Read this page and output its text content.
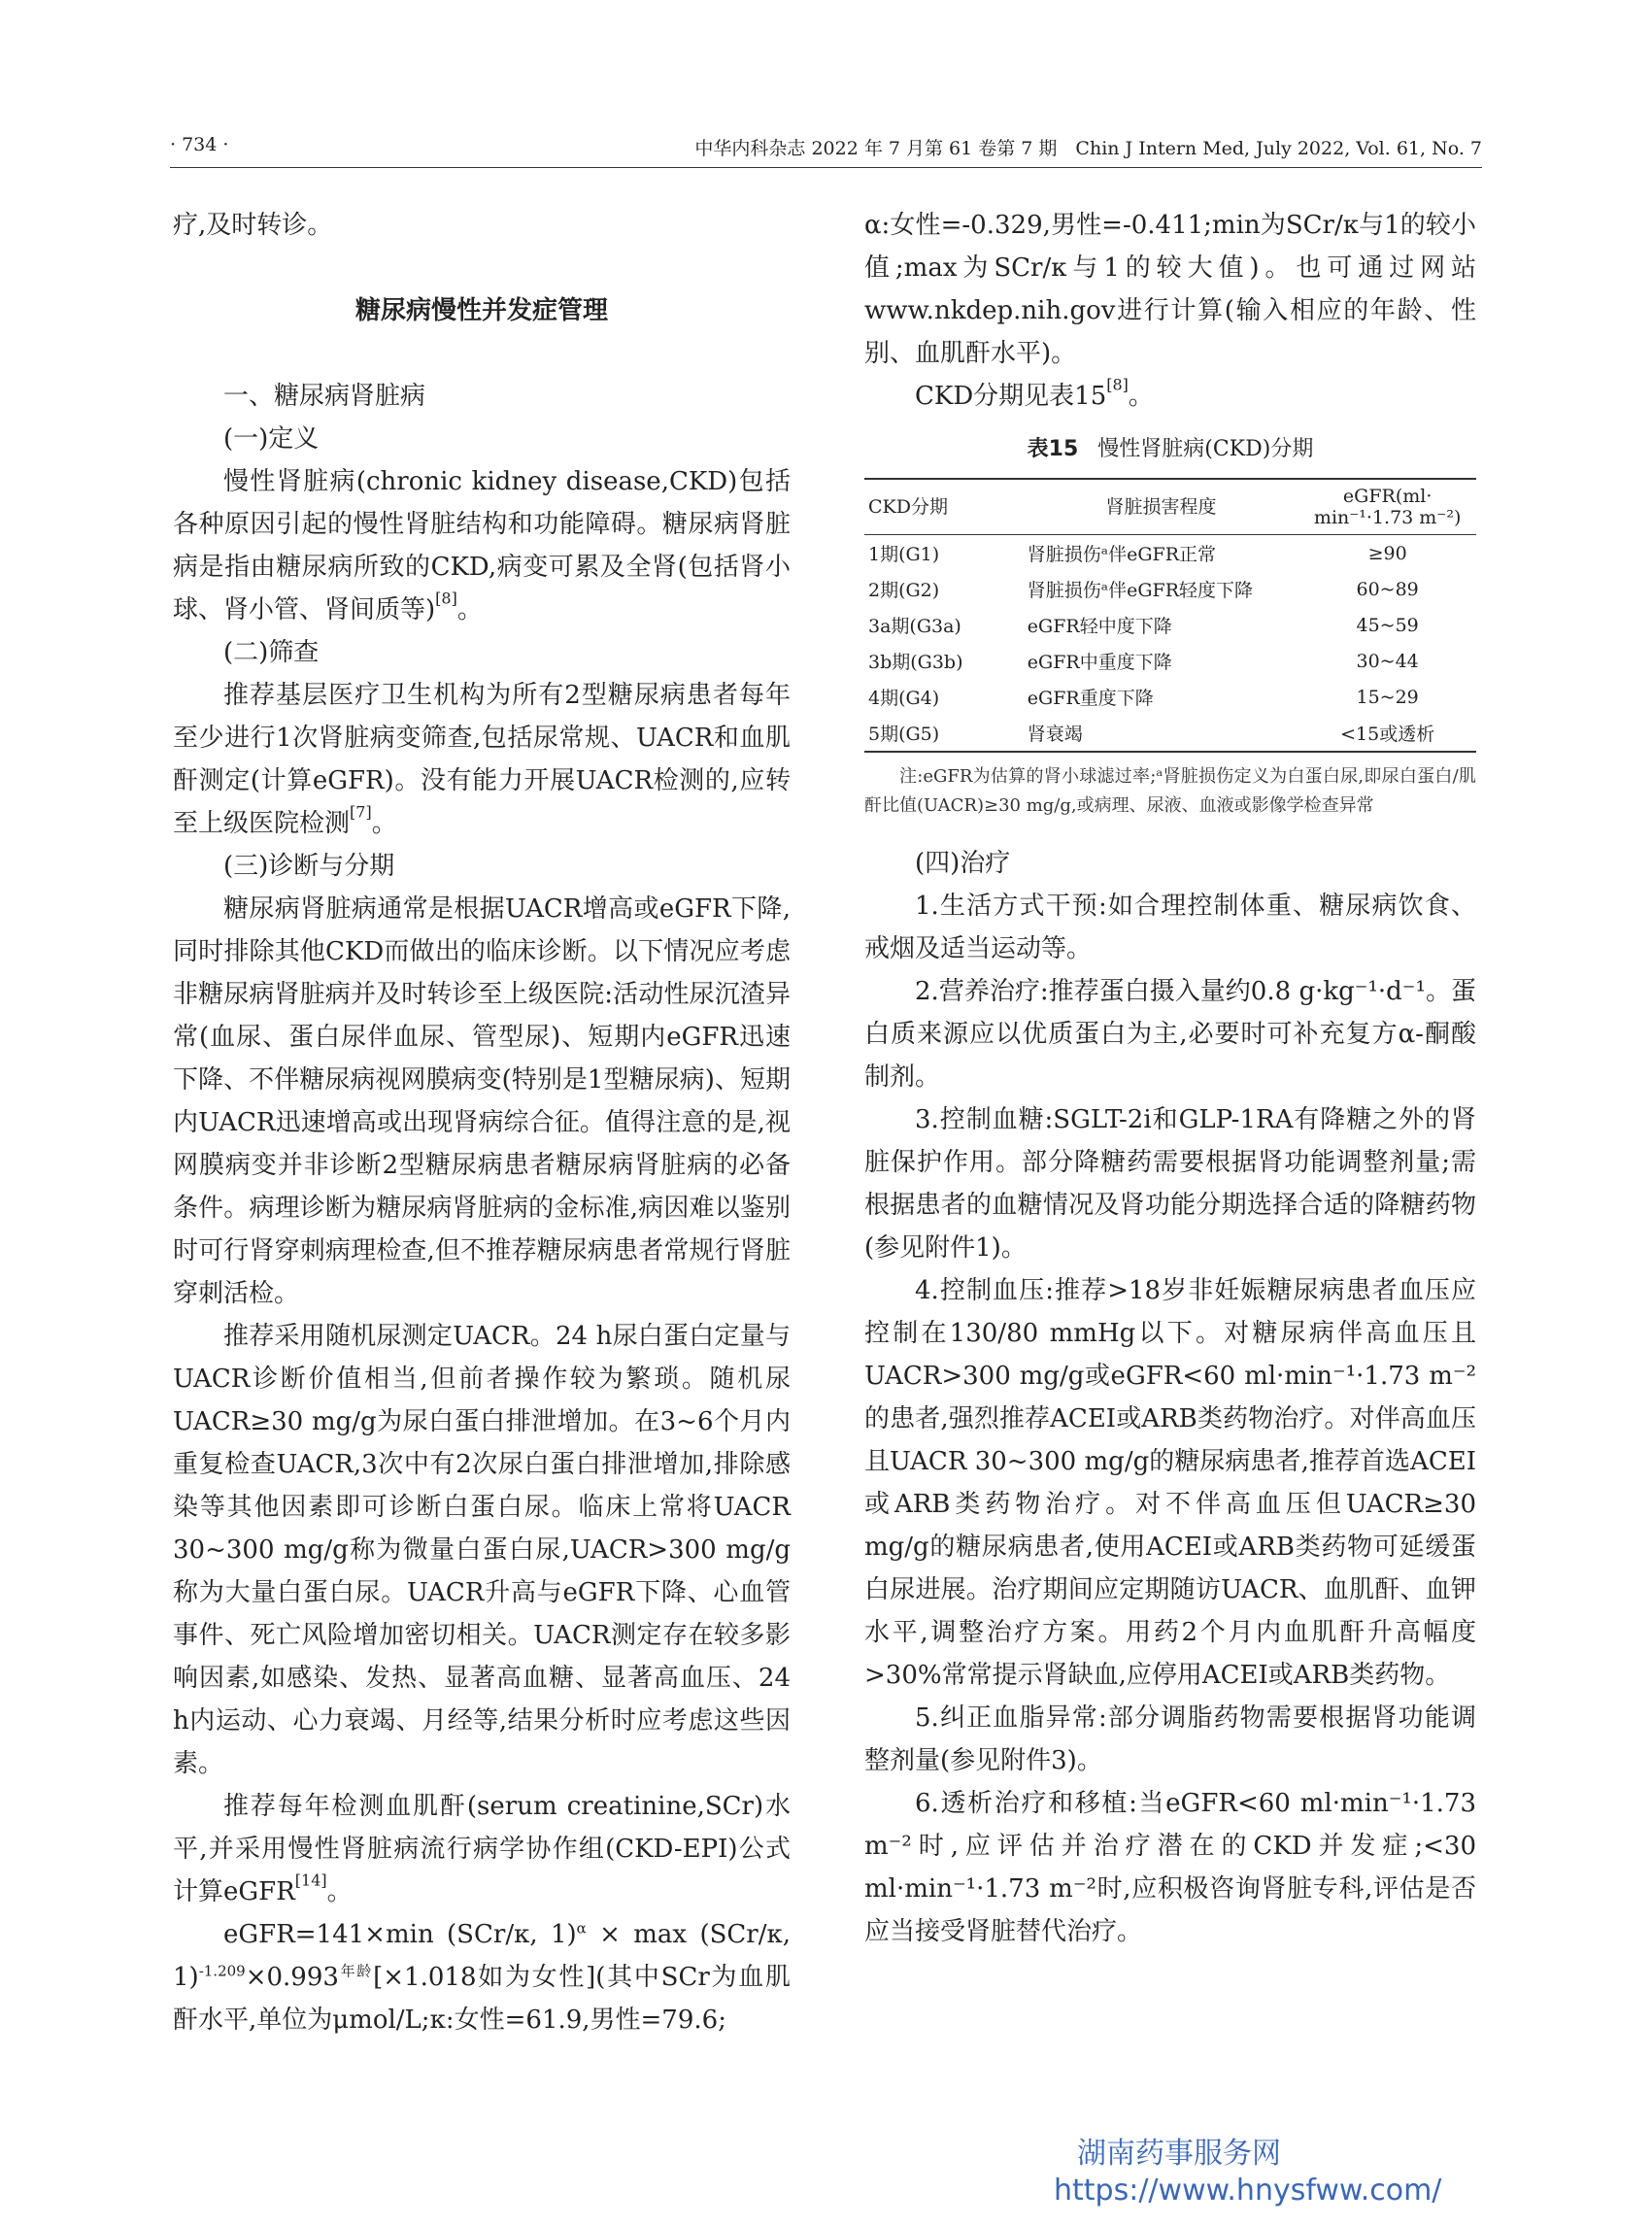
· 734 ·	中华内科杂志 2022 年 7 月第 61 卷第 7 期　Chin J Intern Med, July 2022, Vol. 61, No. 7

疗,及时转诊。

糖尿病慢性并发症管理

一、糖尿病肾脏病

(一)定义

慢性肾脏病(chronic kidney disease,CKD)包括各种原因引起的慢性肾脏结构和功能障碍。糖尿病肾脏病是指由糖尿病所致的CKD,病变可累及全肾(包括肾小球、肾小管、肾间质等)[8]。

(二)筛查

推荐基层医疗卫生机构为所有2型糖尿病患者每年至少进行1次肾脏病变筛查,包括尿常规、UACR和血肌酐测定(计算eGFR)。没有能力开展UACR检测的,应转至上级医院检测[7]。

(三)诊断与分期

糖尿病肾脏病通常是根据UACR增高或eGFR下降,同时排除其他CKD而做出的临床诊断。以下情况应考虑非糖尿病肾脏病并及时转诊至上级医院:活动性尿沉渣异常(血尿、蛋白尿伴血尿、管型尿)、短期内eGFR迅速下降、不伴糖尿病视网膜病变(特别是1型糖尿病)、短期内UACR迅速增高或出现肾病综合征。值得注意的是,视网膜病变并非诊断2型糖尿病患者糖尿病肾脏病的必备条件。病理诊断为糖尿病肾脏病的金标准,病因难以鉴别时可行肾穿刺病理检查,但不推荐糖尿病患者常规行肾脏穿刺活检。

推荐采用随机尿测定UACR。24 h尿白蛋白定量与UACR诊断价值相当,但前者操作较为繁琐。随机尿UACR≥30 mg/g为尿白蛋白排泄增加。在3~6个月内重复检查UACR,3次中有2次尿白蛋白排泄增加,排除感染等其他因素即可诊断白蛋白尿。临床上常将UACR 30~300 mg/g称为微量白蛋白尿,UACR>300 mg/g称为大量白蛋白尿。UACR升高与eGFR下降、心血管事件、死亡风险增加密切相关。UACR测定存在较多影响因素,如感染、发热、显著高血糖、显著高血压、24 h内运动、心力衰竭、月经等,结果分析时应考虑这些因素。

推荐每年检测血肌酐(serum creatinine,SCr)水平,并采用慢性肾脏病流行病学协作组(CKD-EPI)公式计算eGFR[14]。

eGFR=141×min (SCr/κ, 1)$^\alpha$ × max (SCr/κ, $1)^{-1.209}\times 0.993^{年龄}[\times 1.018$如为女性](其中SCr为血肌酐水平,单位为μmol/L;κ:女性=61.9,男性=79.6;

α:女性=-0.329,男性=-0.411;min为SCr/κ与1的较小值;max为SCr/κ与1的较大值)。也可通过网站www.nkdep.nih.gov进行计算(输入相应的年龄、性别、血肌酐水平)。

CKD分期见表15[8]。

表15 慢性肾脏病(CKD)分期
CKD分期	肾脏损害程度	eGFR(ml·
min⁻¹·1.73 m⁻²)
1期(G1)	肾脏损伤ᵃ伴eGFR正常	≥90
2期(G2)	肾脏损伤ᵃ伴eGFR轻度下降	60~89
3a期(G3a)	eGFR轻中度下降	45~59
3b期(G3b)	eGFR中重度下降	30~44
4期(G4)	eGFR重度下降	15~29
5期(G5)	肾衰竭	<15或透析
注:eGFR为估算的肾小球滤过率;ᵃ肾脏损伤定义为白蛋白尿,即尿白蛋白/肌酐比值(UACR)≥30 mg/g,或病理、尿液、血液或影像学检查异常

(四)治疗

1.生活方式干预:如合理控制体重、糖尿病饮食、戒烟及适当运动等。

2.营养治疗:推荐蛋白摄入量约0.8 g·kg⁻¹·d⁻¹。蛋白质来源应以优质蛋白为主,必要时可补充复方α-酮酸制剂。

3.控制血糖:SGLT-2i和GLP-1RA有降糖之外的肾脏保护作用。部分降糖药需要根据肾功能调整剂量;需根据患者的血糖情况及肾功能分期选择合适的降糖药物(参见附件1)。

4.控制血压:推荐>18岁非妊娠糖尿病患者血压应控制在130/80 mmHg以下。对糖尿病伴高血压且UACR>300 mg/g或eGFR<60 ml·min⁻¹·1.73 m⁻²的患者,强烈推荐ACEI或ARB类药物治疗。对伴高血压且UACR 30~300 mg/g的糖尿病患者,推荐首选ACEI或ARB类药物治疗。对不伴高血压但UACR≥30 mg/g的糖尿病患者,使用ACEI或ARB类药物可延缓蛋白尿进展。治疗期间应定期随访UACR、血肌酐、血钾水平,调整治疗方案。用药2个月内血肌酐升高幅度>30%常常提示肾缺血,应停用ACEI或ARB类药物。

5.纠正血脂异常:部分调脂药物需要根据肾功能调整剂量(参见附件3)。

6.透析治疗和移植:当eGFR<60 ml·min⁻¹·1.73 m⁻²时,应评估并治疗潜在的CKD并发症;<30 ml·min⁻¹·1.73 m⁻²时,应积极咨询肾脏专科,评估是否应当接受肾脏替代治疗。

湖南药事服务网
https://www.hnysfww.com/
